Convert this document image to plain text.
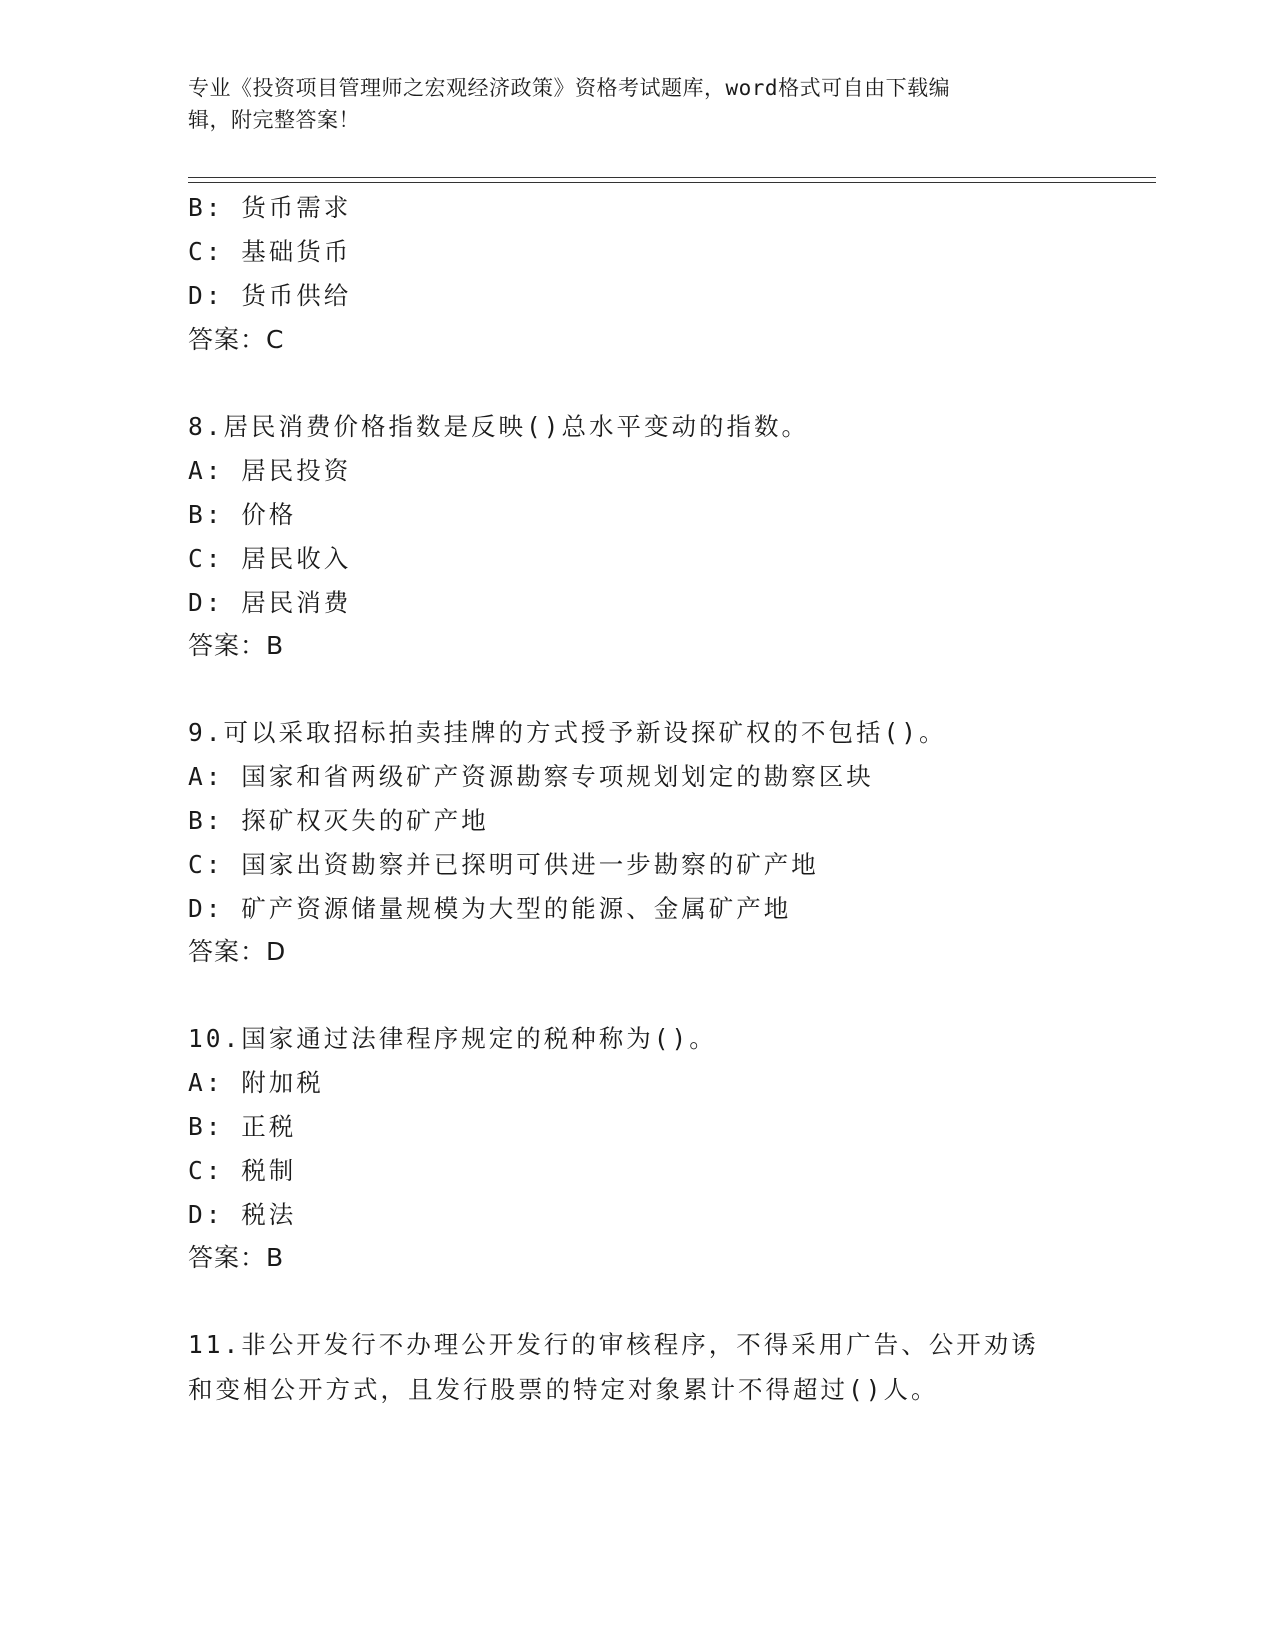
专业《投资项目管理师之宏观经济政策》资格考试题库，word格式可自由下载编
辑，附完整答案！
B: 货币需求
C: 基础货币
D: 货币供给
答案：C
8.居民消费价格指数是反映()总水平变动的指数。
A: 居民投资
B: 价格
C: 居民收入
D: 居民消费
答案：B
9.可以采取招标拍卖挂牌的方式授予新设探矿权的不包括()。
A: 国家和省两级矿产资源勘察专项规划划定的勘察区块
B: 探矿权灭失的矿产地
C: 国家出资勘察并已探明可供进一步勘察的矿产地
D: 矿产资源储量规模为大型的能源、金属矿产地
答案：D
10.国家通过法律程序规定的税种称为()。
A: 附加税
B: 正税
C: 税制
D: 税法
答案：B
11.非公开发行不办理公开发行的审核程序，不得采用广告、公开劝诱
和变相公开方式，且发行股票的特定对象累计不得超过()人。
